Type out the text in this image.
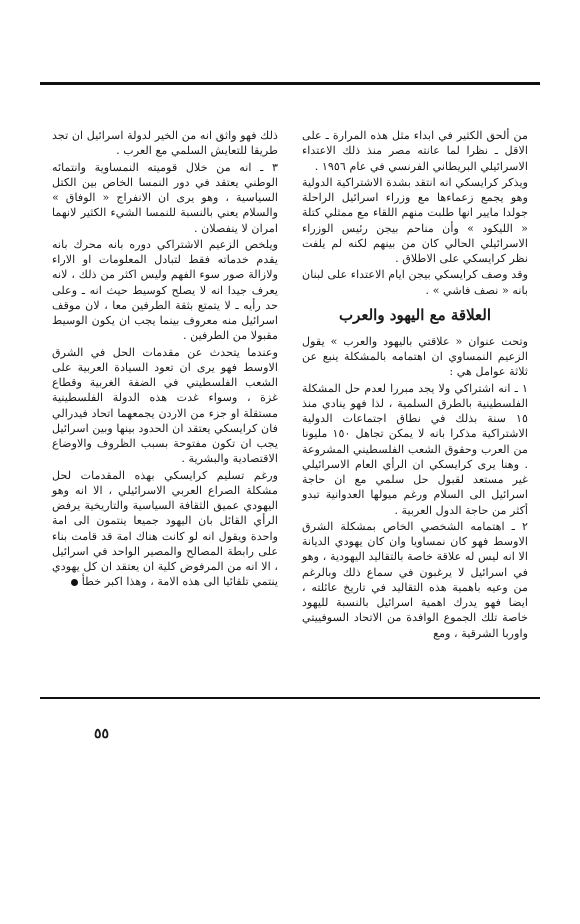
من ألحق الكثير في ابداء مثل هذه المرارة ـ على الاقل ـ نظرا لما عانته مصر منذ ذلك الاعتداء الاسرائيلي البريطاني الفرنسي في عام ١٩٥٦ .

ويذكر كرايسكي انه انتقد بشدة الاشتراكية الدولية وهو يجمع زعماءها مع وزراء اسرائيل الراحلة جولدا مايير انها طلبت منهم اللقاء مع ممثلي كتلة « الليكود » وأن مناحم بيجن رئيس الوزراء الاسرائيلي الحالي كان من بينهم لكنه لم يلفت نظر كرايسكي على الاطلاق .

وقد وصف كرايسكي بيجن ايام الاعتداء على لبنان بانه « نصف فاشي » .

العلاقة مع اليهود والعرب

وتحت عنوان « علاقتي باليهود والعرب » يقول الزعيم النمساوي ان اهتمامه بالمشكلة ينبع عن ثلاثة عوامل هي :

١ ـ انه اشتراكي ولا يجد مبررا لعدم حل المشكلة الفلسطينية بالطرق السلمية ، لذا فهو ينادي منذ ١٥ سنة بذلك في نطاق اجتماعات الدولية الاشتراكية مذكرا بانه لا يمكن تجاهل ١٥٠ مليونا من العرب وحقوق الشعب الفلسطيني المشروعة . وهنا يرى كرايسكي ان الرأي العام الاسرائيلي غير مستعد لقبول حل سلمي مع ان حاجة اسرائيل الى السلام ورغم ميولها العدوانية تبدو أكثر من حاجة الدول العربية .

٢ ـ اهتمامه الشخصي الخاص بمشكلة الشرق الاوسط فهو كان نمساويا وان كان يهودي الديانة الا انه ليس له علاقة خاصة بالتقاليد اليهودية ، وهو في اسرائيل لا يرغبون في سماع ذلك وبالرغم من وعيه باهمية هذه التقاليد في تاريخ عائلته ، ايضا فهو يدرك اهمية اسرائيل بالنسبة لليهود خاصة تلك الجموع الوافدة من الاتحاد السوفييتي واوربا الشرقية ، ومع

ذلك فهو واثق انه من الخير لدولة اسرائيل ان تجد طريقا للتعايش السلمي مع العرب .

٣ ـ انه من خلال قوميته النمساوية وانتمائه الوطني يعتقد في دور النمسا الخاص بين الكتل السياسية ، وهو يرى ان الانفراج « الوفاق » والسلام يعني بالنسبة للنمسا الشيء الكثير لانهما امران لا ينفصلان .

ويلخص الزعيم الاشتراكي دوره بانه محرك بانه يقدم خدماته فقط لتبادل المعلومات او الاراء ولازالة صور سوء الفهم وليس اكثر من ذلك ، لانه يعرف جيدا انه لا يصلح كوسيط حيث انه ـ وعلى حد رأيه ـ لا يتمتع بثقة الطرفين معا ، لان موقف اسرائيل منه معروف بينما يجب ان يكون الوسيط مقبولا من الطرفين .

وعندما يتحدث عن مقدمات الحل في الشرق الاوسط فهو يرى ان تعود السيادة العربية على الشعب الفلسطيني في الضفة الغربية وقطاع غزة ، وسواء غدت هذه الدولة الفلسطينية مستقلة او جزء من الاردن يجمعهما اتحاد فيدرالي فان كرايسكي يعتقد ان الحدود بينها وبين اسرائيل يجب ان تكون مفتوحة بسبب الظروف والاوضاع الاقتصادية والبشرية .

ورغم تسليم كرايسكي بهذه المقدمات لحل مشكلة الصراع العربي الاسرائيلي ، الا انه وهو اليهودي عميق الثقافة السياسية والتاريخية يرفض الرأي القائل بان اليهود جميعا ينتمون الى امة واحدة ويقول انه لو كانت هناك امة قد قامت بناء على رابطة المصالح والمصير الواحد في اسرائيل ، الا انه من المرفوض كلية ان يعتقد ان كل يهودي ينتمي تلقائيا الى هذه الامة ، وهذا اكبر خطأ

٥٥
